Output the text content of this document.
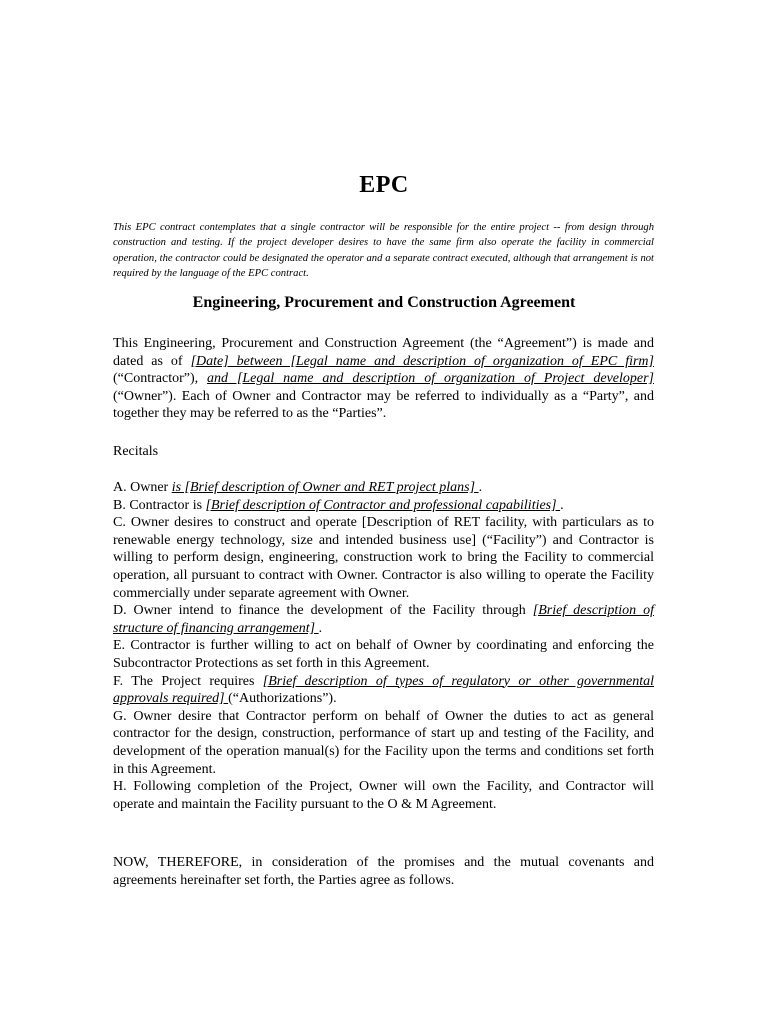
EPC
This EPC contract contemplates that a single contractor will be responsible for the entire project -- from design through construction and testing. If the project developer desires to have the same firm also operate the facility in commercial operation, the contractor could be designated the operator and a separate contract executed, although that arrangement is not required by the language of the EPC contract.
Engineering, Procurement and Construction Agreement
This Engineering, Procurement and Construction Agreement (the “Agreement”) is made and dated as of [Date] between [Legal name and description of organization of EPC firm] (“Contractor”), and [Legal name and description of organization of Project developer] (“Owner”). Each of Owner and Contractor may be referred to individually as a “Party”, and together they may be referred to as the “Parties”.
Recitals

A. Owner is [Brief description of Owner and RET project plans] .

B. Contractor is [Brief description of Contractor and professional capabilities] .

C. Owner desires to construct and operate [Description of RET facility, with particulars as to renewable energy technology, size and intended business use] (“Facility”) and Contractor is willing to perform design, engineering, construction work to bring the Facility to commercial operation, all pursuant to contract with Owner. Contractor is also willing to operate the Facility commercially under separate agreement with Owner.

D. Owner intend to finance the development of the Facility through [Brief description of structure of financing arrangement] .

E. Contractor is further willing to act on behalf of Owner by coordinating and enforcing the Subcontractor Protections as set forth in this Agreement.

F. The Project requires [Brief description of types of regulatory or other governmental approvals required] (“Authorizations”).

G. Owner desire that Contractor perform on behalf of Owner the duties to act as general contractor for the design, construction, performance of start up and testing of the Facility, and development of the operation manual(s) for the Facility upon the terms and conditions set forth in this Agreement.

H. Following completion of the Project, Owner will own the Facility, and Contractor will operate and maintain the Facility pursuant to the O & M Agreement.

NOW, THEREFORE, in consideration of the promises and the mutual covenants and agreements hereinafter set forth, the Parties agree as follows.
